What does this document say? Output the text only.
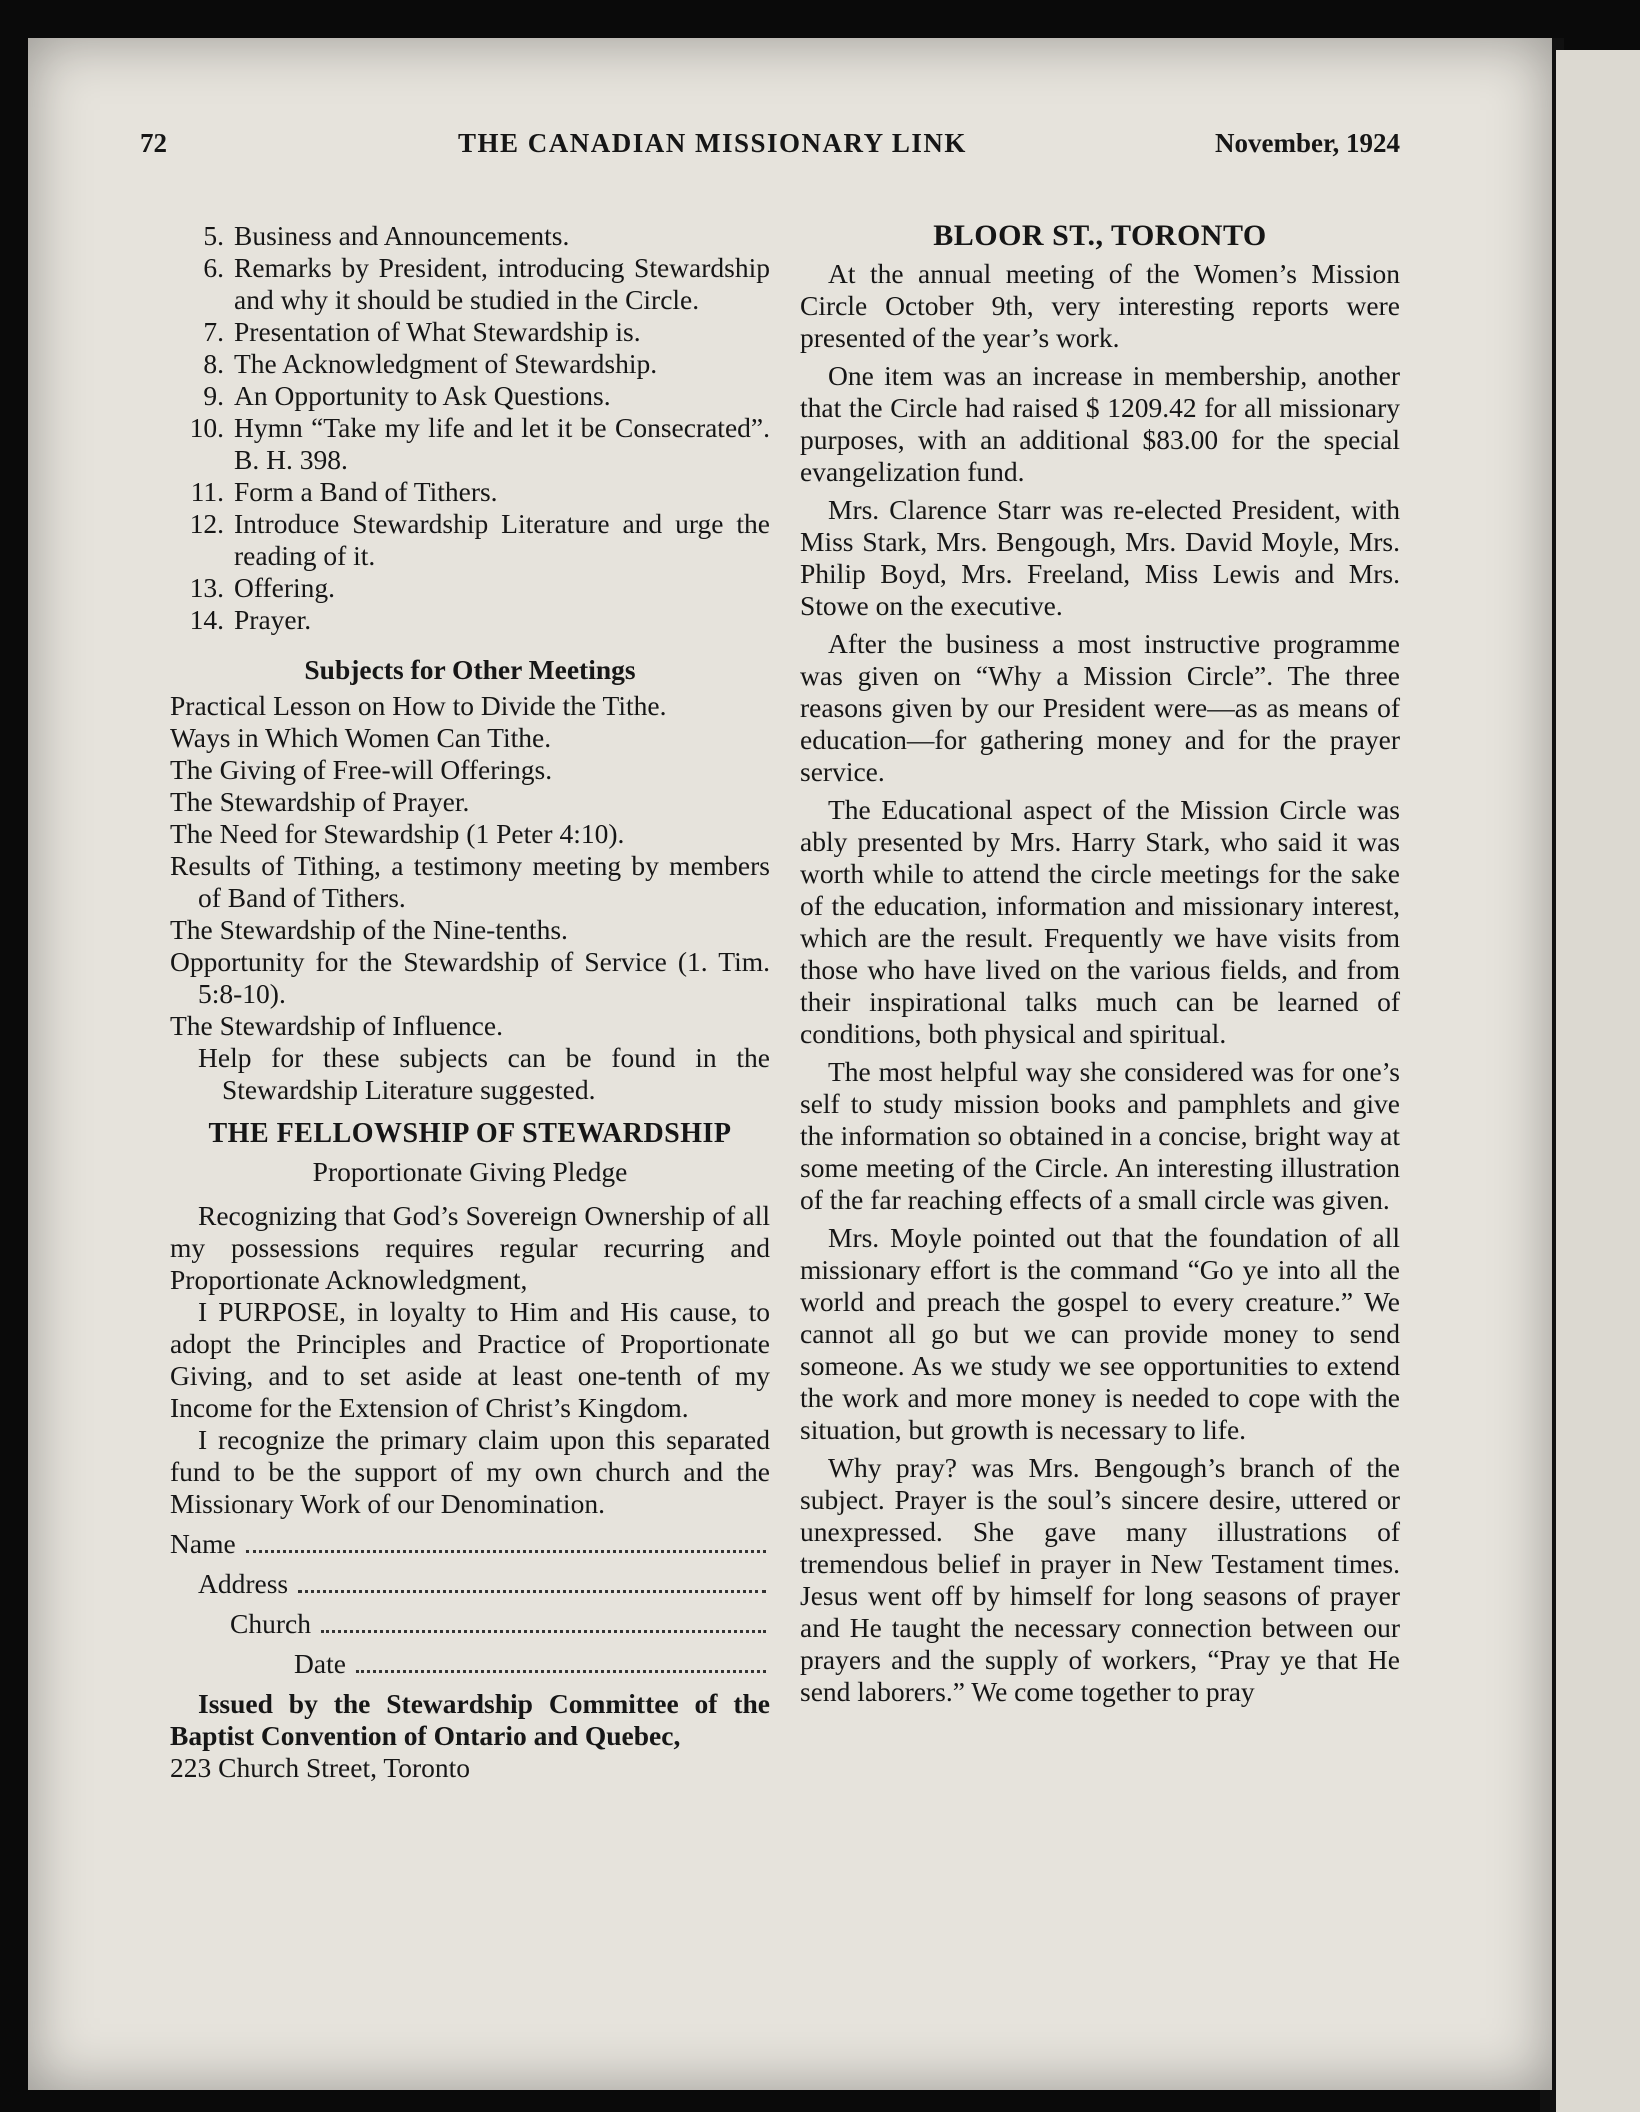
72	THE CANADIAN MISSIONARY LINK	November, 1924
5. Business and Announcements.
6. Remarks by President, introducing Stewardship and why it should be studied in the Circle.
7. Presentation of What Stewardship is.
8. The Acknowledgment of Stewardship.
9. An Opportunity to Ask Questions.
10. Hymn “Take my life and let it be Consecrated”. B. H. 398.
11. Form a Band of Tithers.
12. Introduce Stewardship Literature and urge the reading of it.
13. Offering.
14. Prayer.
Subjects for Other Meetings
Practical Lesson on How to Divide the Tithe.
Ways in Which Women Can Tithe.
The Giving of Free-will Offerings.
The Stewardship of Prayer.
The Need for Stewardship (1 Peter 4:10).
Results of Tithing, a testimony meeting by members of Band of Tithers.
The Stewardship of the Nine-tenths.
Opportunity for the Stewardship of Service (1. Tim. 5:8-10).
The Stewardship of Influence.
Help for these subjects can be found in the Stewardship Literature suggested.
THE FELLOWSHIP OF STEWARDSHIP
Proportionate Giving Pledge

Recognizing that God’s Sovereign Ownership of all my possessions requires regular recurring and Proportionate Acknowledgment,

I PURPOSE, in loyalty to Him and His cause, to adopt the Principles and Practice of Proportionate Giving, and to set aside at least one-tenth of my Income for the Extension of Christ’s Kingdom.

I recognize the primary claim upon this separated fund to be the support of my own church and the Missionary Work of our Denomination.

Name
Address
Church
Date
Issued by the Stewardship Committee of the Baptist Convention of Ontario and Quebec,
223 Church Street, Toronto
BLOOR ST., TORONTO

At the annual meeting of the Women’s Mission Circle October 9th, very interesting reports were presented of the year’s work.

One item was an increase in membership, another that the Circle had raised $ 1209.42 for all missionary purposes, with an additional $83.00 for the special evangelization fund.

Mrs. Clarence Starr was re-elected President, with Miss Stark, Mrs. Bengough, Mrs. David Moyle, Mrs. Philip Boyd, Mrs. Freeland, Miss Lewis and Mrs. Stowe on the executive.

After the business a most instructive programme was given on “Why a Mission Circle”. The three reasons given by our President were—as as means of education—for gathering money and for the prayer service.

The Educational aspect of the Mission Circle was ably presented by Mrs. Harry Stark, who said it was worth while to attend the circle meetings for the sake of the education, information and missionary interest, which are the result. Frequently we have visits from those who have lived on the various fields, and from their inspirational talks much can be learned of conditions, both physical and spiritual.

The most helpful way she considered was for one’s self to study mission books and pamphlets and give the information so obtained in a concise, bright way at some meeting of the Circle. An interesting illustration of the far reaching effects of a small circle was given.

Mrs. Moyle pointed out that the foundation of all missionary effort is the command “Go ye into all the world and preach the gospel to every creature.” We cannot all go but we can provide money to send someone. As we study we see opportunities to extend the work and more money is needed to cope with the situation, but growth is necessary to life.

Why pray? was Mrs. Bengough’s branch of the subject. Prayer is the soul’s sincere desire, uttered or unexpressed. She gave many illustrations of tremendous belief in prayer in New Testament times. Jesus went off by himself for long seasons of prayer and He taught the necessary connection between our prayers and the supply of workers, “Pray ye that He send laborers.” We come together to pray
